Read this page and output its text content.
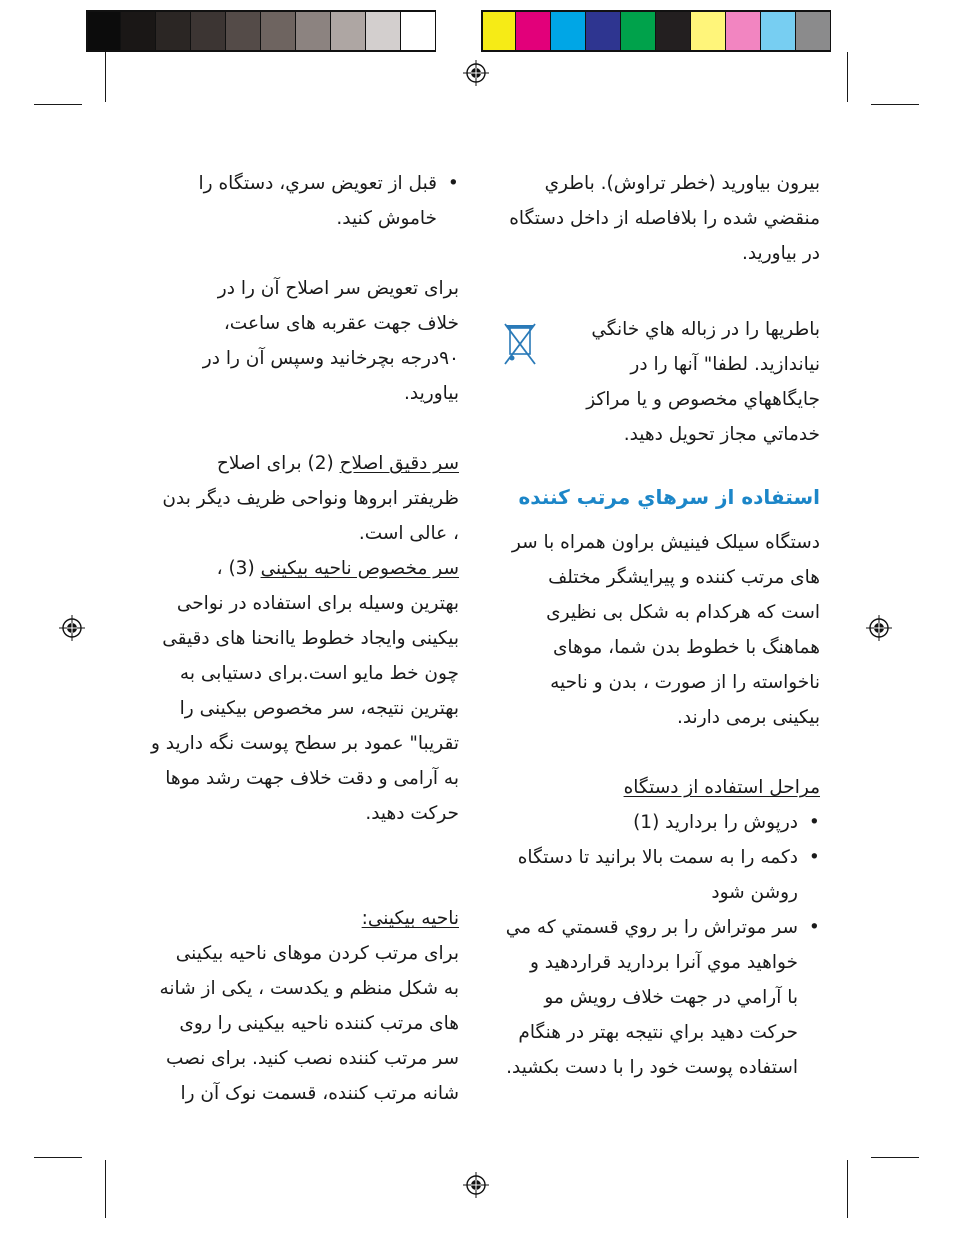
بیرون بیاورید (خطر تراوش). باطري

منقضي شده را بلافاصله از داخل دستگاه

در بیاورید.

باطریها را در زباله هاي خانگي

نیاندازید. لطفا" آنها را در

جایگاههاي مخصوص و یا مراکز

خدماتي مجاز تحویل دهید.

استفاده از سرهاي مرتب کننده

دستگاه سیلک فینیش براون همراه با سر

های مرتب کننده و پیرایشگر مختلف

است که هرکدام به شکل بی نظیری

هماهنگ با خطوط بدن شما، موهای

ناخواسته را از صورت ، بدن و ناحیه

بیکینی برمی دارند.

مراحل استفاده از دستگاه

• درپوش را بردارید (1)
• دکمه را به سمت بالا برانید تا دستگاه
روشن شود
• سر موتراش را بر روي قسمتي که مي
خواهید موي آنرا بردارید قراردهید و
با آرامي در جهت خلاف رویش مو
حرکت دهید براي نتیجه بهتر در هنگام
استفاده پوست خود را با دست بکشید.
• قبل از تعویض سري، دستگاه را
خاموش کنید.

برای تعویض سر اصلاح آن را در

خلاف جهت عقربه های ساعت،

۹۰درجه بچرخانید وسپس آن را در

بیاورید.

سر دقیق اصلاح (2) برای اصلاح

ظریفتر ابروها ونواحی ظریف دیگر بدن

، عالی است.

سر مخصوص ناحیه بیکینی (3) ،

بهترین وسیله برای استفاده در نواحی

بیکینی وایجاد خطوط یاانحنا های دقیقی

چون خط مایو است.برای دستیابی به

بهترین نتیجه، سر مخصوص بیکینی را

تقریبا" عمود بر سطح پوست نگه دارید و

به آرامی و دقت خلاف جهت رشد موها

حرکت دهید.

ناحیه بیکینی:

برای مرتب کردن موهای ناحیه بیکینی

به شکل منظم و یکدست ، یکی از شانه

های مرتب کننده ناحیه بیکینی را روی

سر مرتب کننده نصب کنید. برای نصب

شانه مرتب کننده، قسمت نوک آن را
